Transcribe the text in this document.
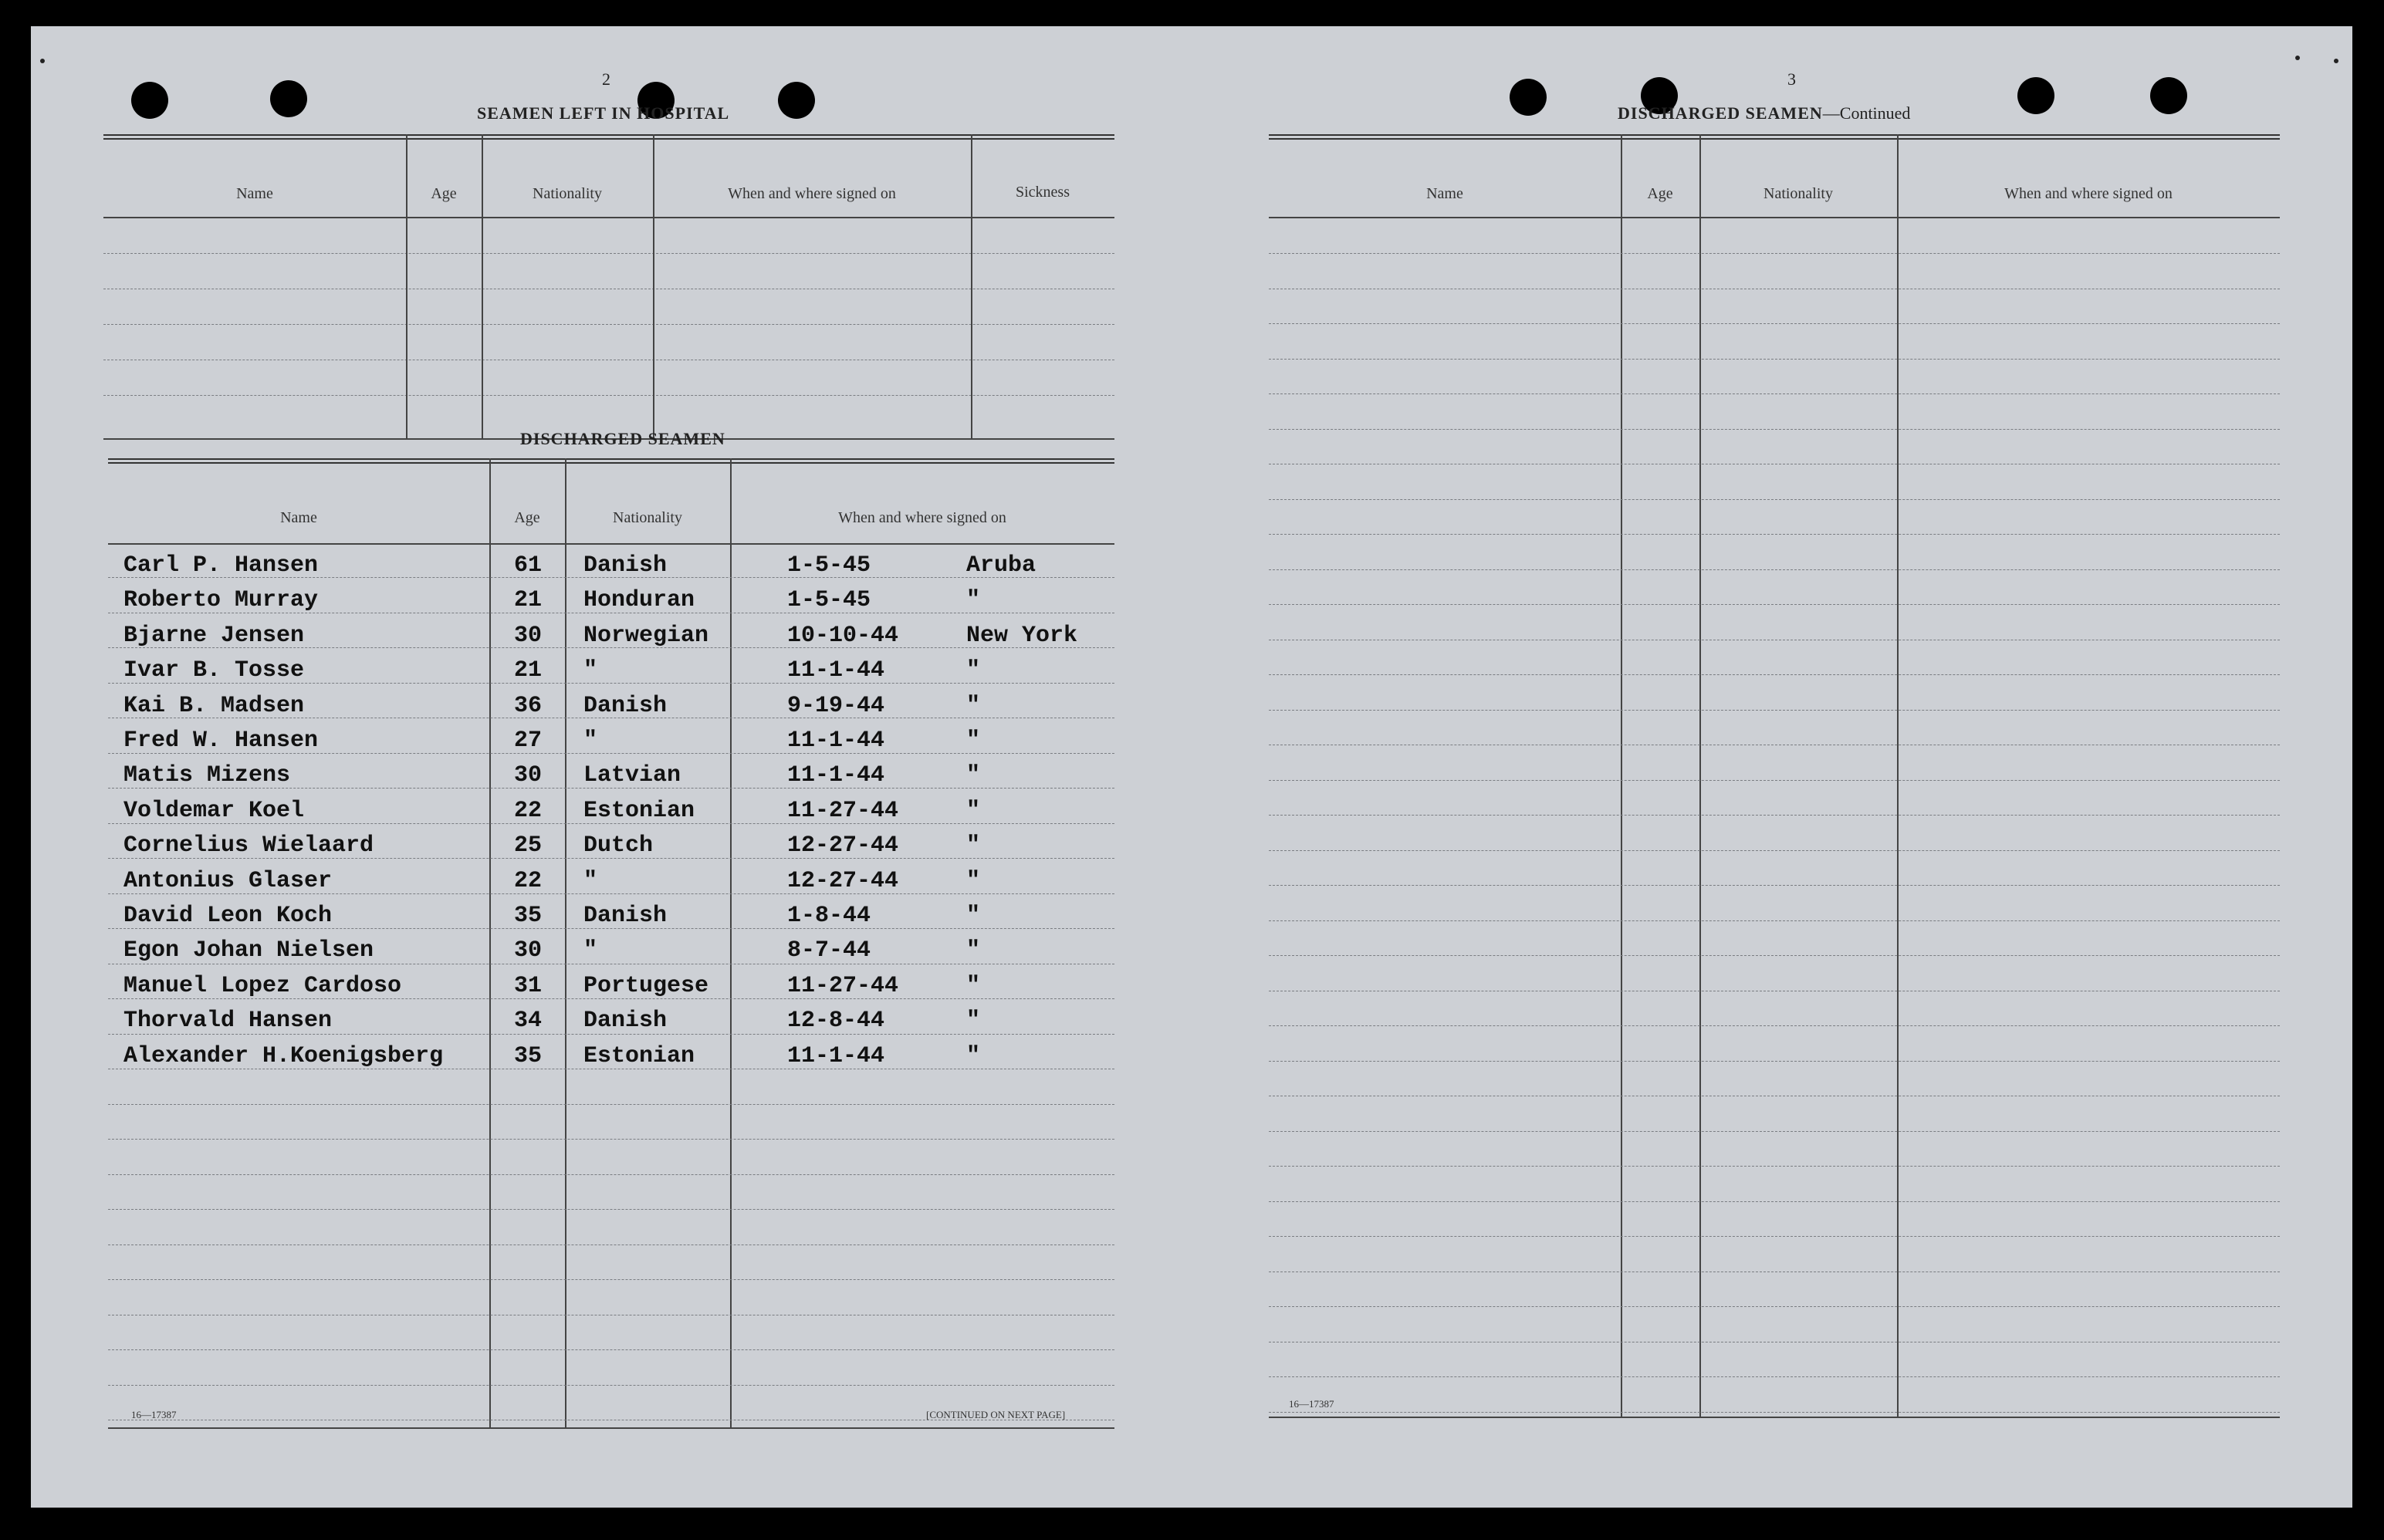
2
SEAMEN LEFT IN HOSPITAL
Name	Age	Nationality	When and where signed on	Sickness
DISCHARGED SEAMEN
Name	Age	Nationality	When and where signed on
Carl P. Hansen	61 Danish	1-5-45	Aruba
Roberto Murray	21 Honduran	1-5-45	"
Bjarne Jensen	30 Norwegian	10-10-44	New York
Ivar B. Tosse	21 "	11-1-44	"
Kai B. Madsen	36 Danish	9-19-44	"
Fred W. Hansen	27 "	11-1-44	"
Matis Mizens	30 Latvian	11-1-44	"
Voldemar Koel	22 Estonian	11-27-44	"
Cornelius Wielaard	25 Dutch	12-27-44	"
Antonius Glaser	22 "	12-27-44	"
David Leon Koch	35 Danish	1-8-44	"
Egon Johan Nielsen	30 "	8-7-44	"
Manuel Lopez Cardoso	31 Portugese	11-27-44	"
Thorvald Hansen	34 Danish	12-8-44	"
Alexander H.Koenigsberg	35 Estonian	11-1-44	"
16—17387	[CONTINUED ON NEXT PAGE]
3
DISCHARGED SEAMEN—Continued
Name	Age	Nationality	When and where signed on
16—17387
